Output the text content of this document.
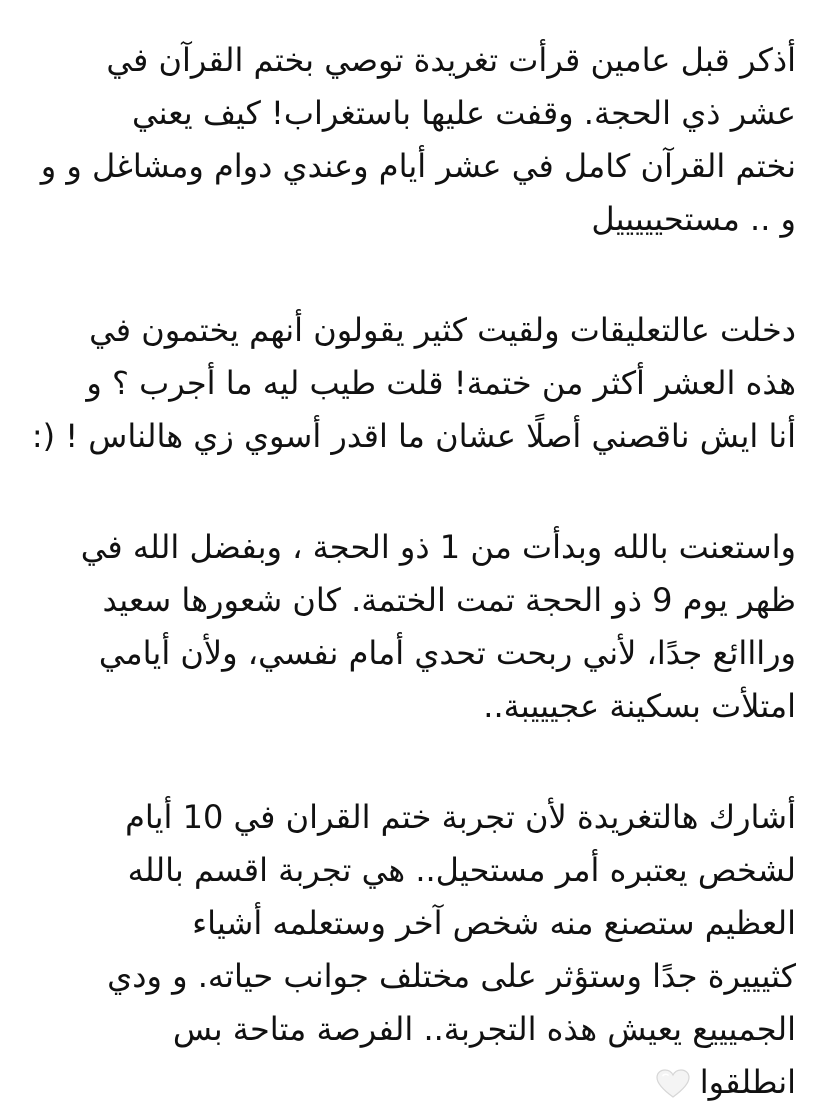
أذكر قبل عامين قرأت تغريدة توصي بختم القرآن في
عشر ذي الحجة. وقفت عليها باستغراب! كيف يعني
نختم القرآن كامل في عشر أيام وعندي دوام ومشاغل و و
و .. مستحيييييل
دخلت عالتعليقات ولقيت كثير يقولون أنهم يختمون في
هذه العشر أكثر من ختمة! قلت طيب ليه ما أجرب ؟ و
أنا ايش ناقصني أصلًا عشان ما اقدر أسوي زي هالناس ! (:
واستعنت بالله وبدأت من 1 ذو الحجة ، وبفضل الله في
ظهر يوم 9 ذو الحجة تمت الختمة. كان شعورها سعيد
ورااائع جدًا، لأني ربحت تحدي أمام نفسي، ولأن أيامي
امتلأت بسكينة عجيييبة..
أشارك هالتغريدة لأن تجربة ختم القران في 10 أيام
لشخص يعتبره أمر مستحيل.. هي تجربة اقسم بالله
العظيم ستصنع منه شخص آخر وستعلمه أشياء
كثيييرة جدًا وستؤثر على مختلف جوانب حياته. و ودي
الجميييع يعيش هذه التجربة.. الفرصة متاحة بس
انطلقوا
